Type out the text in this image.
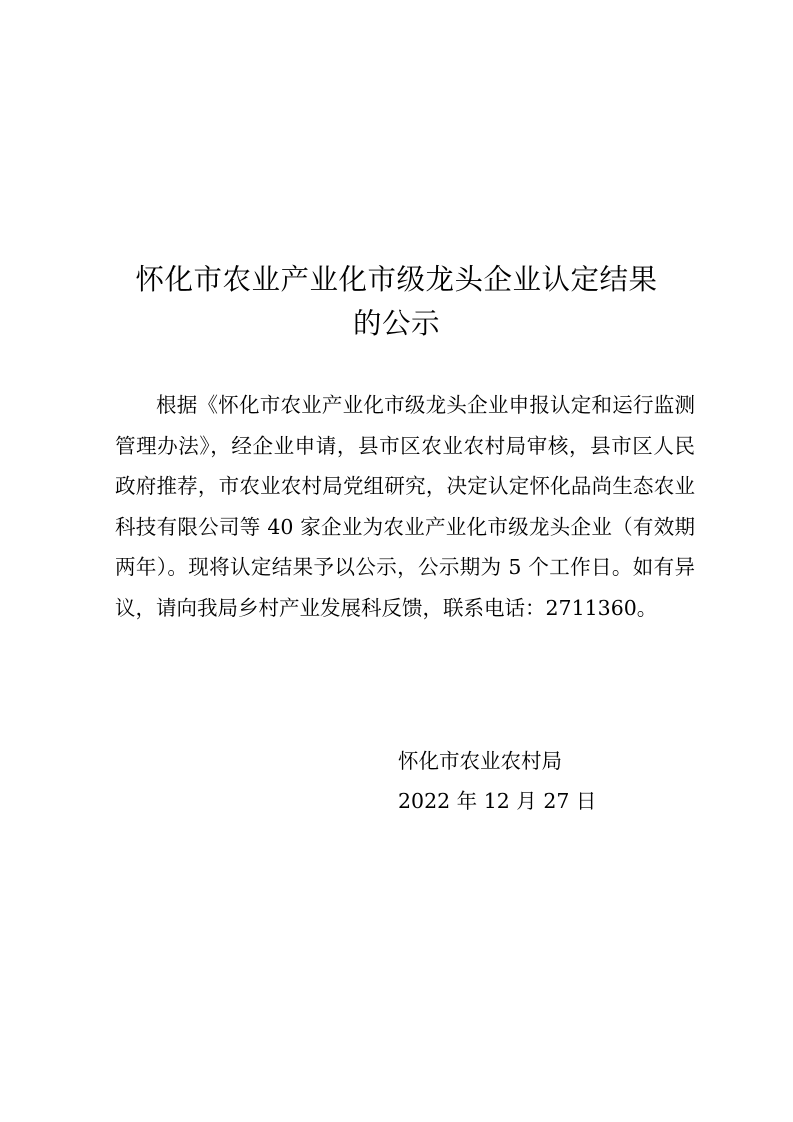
怀化市农业产业化市级龙头企业认定结果
的公示

根据《怀化市农业产业化市级龙头企业申报认定和运行监测管理办法》，经企业申请，县市区农业农村局审核，县市区人民政府推荐，市农业农村局党组研究，决定认定怀化品尚生态农业科技有限公司等 40 家企业为农业产业化市级龙头企业（有效期两年）。现将认定结果予以公示，公示期为 5 个工作日。如有异议，请向我局乡村产业发展科反馈，联系电话：2711360。

怀化市农业农村局

2022 年 12 月 27 日
